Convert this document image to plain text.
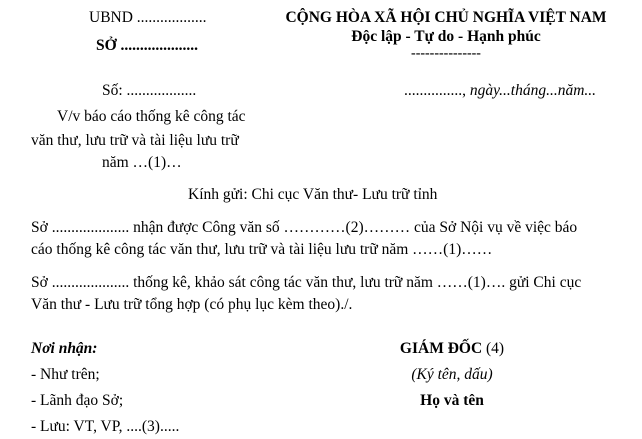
UBND ..................
SỞ ....................
CỘNG HÒA XÃ HỘI CHỦ NGHĨA VIỆT NAM
Độc lập - Tự do - Hạnh phúc
---------------
Số: ..................	..............., ngày...tháng...năm...
V/v báo cáo thống kê công tác
văn thư, lưu trữ và tài liệu lưu trữ
năm …(1)…
Kính gửi: Chi cục Văn thư- Lưu trữ tỉnh
Sở .................... nhận được Công văn số …………(2)……… của Sở Nội vụ về việc báo
cáo thống kê công tác văn thư, lưu trữ và tài liệu lưu trữ năm ……(1)……
Sở .................... thống kê, khảo sát công tác văn thư, lưu trữ năm ……(1)…. gửi Chi cục
Văn thư - Lưu trữ tổng hợp (có phụ lục kèm theo)./.
Nơi nhận:
- Như trên;
- Lãnh đạo Sở;
- Lưu: VT, VP, ....(3).....
GIÁM ĐỐC (4)
(Ký tên, dấu)
Họ và tên
